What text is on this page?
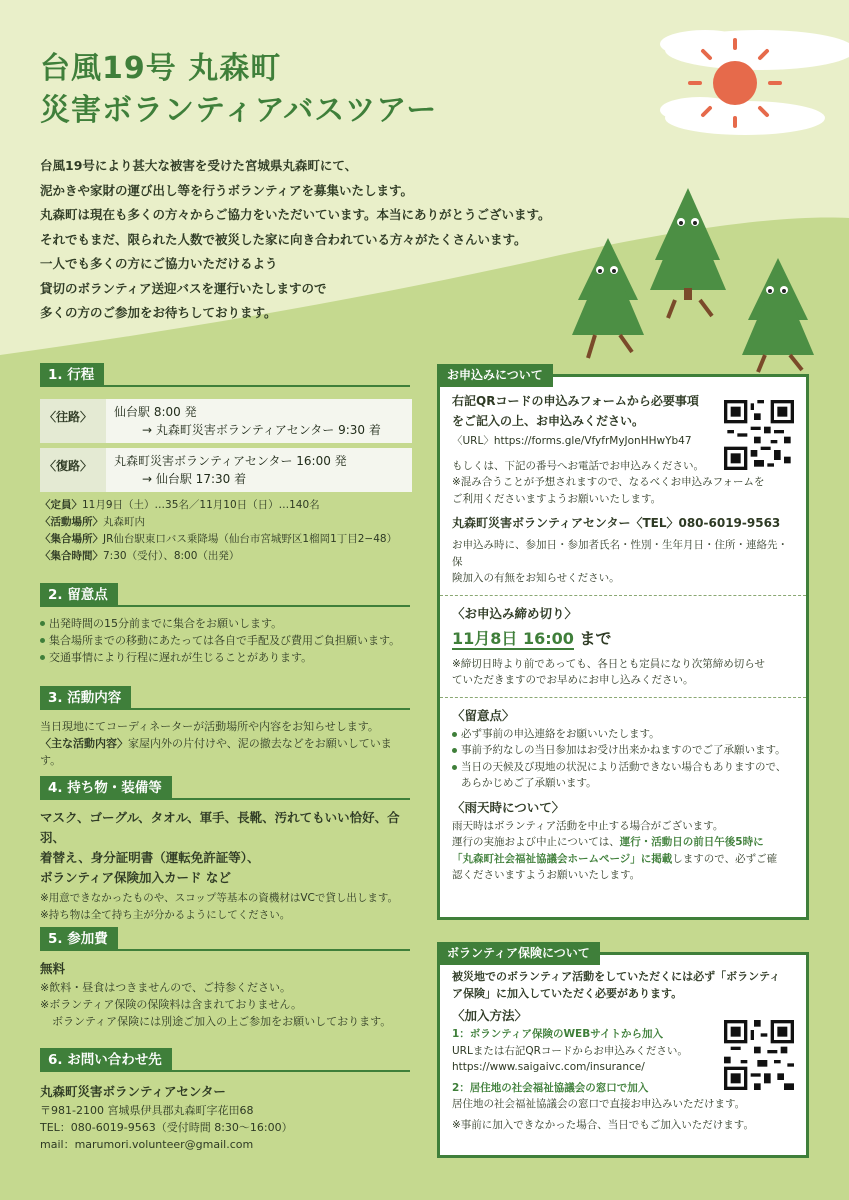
台風19号 丸森町
災害ボランティアバスツアー
台風19号により甚大な被害を受けた宮城県丸森町にて、
泥かきや家財の運び出し等を行うボランティアを募集いたします。
丸森町は現在も多くの方々からご協力をいただいています。本当にありがとうございます。
それでもまだ、限られた人数で被災した家に向き合われている方々がたくさんいます。
一人でも多くの方にご協力いただけるよう
貸切のボランティア送迎バスを運行いたしますので
多くの方のご参加をお待ちしております。
1. 行程
〈往路〉	仙台駅 8:00 発
→ 丸森町災害ボランティアセンター 9:30 着
〈復路〉	丸森町災害ボランティアセンター 16:00 発
→ 仙台駅 17:30 着
〈定員〉11月9日（土）…35名／11月10日（日）…140名
〈活動場所〉丸森町内
〈集合場所〉JR仙台駅東口バス乗降場（仙台市宮城野区1榴岡1丁目2−48）
〈集合時間〉7:30（受付）、8:00（出発）
2. 留意点
出発時間の15分前までに集合をお願いします。
集合場所までの移動にあたっては各自で手配及び費用ご負担願います。
交通事情により行程に遅れが生じることがあります。
3. 活動内容
当日現地にてコーディネーターが活動場所や内容をお知らせします。
〈主な活動内容〉家屋内外の片付けや、泥の撤去などをお願いしています。
4. 持ち物・装備等
マスク、ゴーグル、タオル、軍手、長靴、汚れてもいい恰好、合羽、
着替え、身分証明書（運転免許証等）、
ボランティア保険加入カード など
※用意できなかったものや、スコップ等基本の資機材はVCで貸し出します。
※持ち物は全て持ち主が分かるようにしてください。
5. 参加費
無料
※飲料・昼食はつきませんので、ご持参ください。
※ボランティア保険の保険料は含まれておりません。
ボランティア保険には別途ご加入の上ご参加をお願いしております。
6. お問い合わせ先
丸森町災害ボランティアセンター
〒981-2100 宮城県伊具郡丸森町字花田68
TEL：080-6019-9563（受付時間 8:30〜16:00）
mail：marumori.volunteer@gmail.com
右記QRコードの申込みフォームから必要事項
をご記入の上、お申込みください。
〈URL〉https://forms.gle/VfyfrMyJonHHwYb47
もしくは、下記の番号へお電話でお申込みください。
※混み合うことが予想されますので、なるべくお申込みフォームを
ご利用くださいますようお願いいたします。
丸森町災害ボランティアセンター〈TEL〉080-6019-9563
お申込み時に、参加日・参加者氏名・性別・生年月日・住所・連絡先・保
険加入の有無をお知らせください。
〈お申込み締め切り〉
11月8日 16:00 まで
※締切日時より前であっても、各日とも定員になり次第締め切らせ
ていただきますのでお早めにお申し込みください。
〈留意点〉
必ず事前の申込連絡をお願いいたします。
事前予約なしの当日参加はお受け出来かねますのでご了承願います。
当日の天候及び現地の状況により活動できない場合もありますので、
あらかじめご了承願います。
〈雨天時について〉
雨天時はボランティア活動を中止する場合がございます。
運行の実施および中止については、運行・活動日の前日午後5時に
「丸森町社会福祉協議会ホームページ」に掲載しますので、必ずご確
認くださいますようお願いいたします。
お申込みについて
被災地でのボランティア活動をしていただくには必ず「ボランティ
ア保険」に加入していただく必要があります。
〈加入方法〉
1：ボランティア保険のWEBサイトから加入
URLまたは右記QRコードからお申込みください。
https://www.saigaivc.com/insurance/
2：居住地の社会福祉協議会の窓口で加入
居住地の社会福祉協議会の窓口で直接お申込みいただけます。
※事前に加入できなかった場合、当日でもご加入いただけます。
ボランティア保険について
